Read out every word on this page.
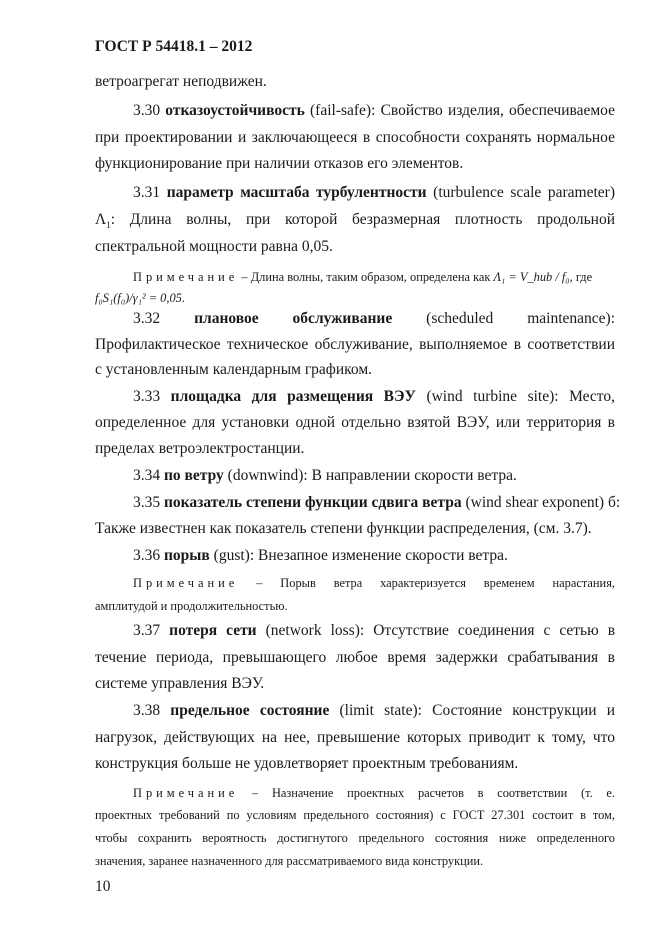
ГОСТ Р 54418.1 – 2012
ветроагрегат неподвижен.
3.30 отказоустойчивость (fail-safe): Свойство изделия, обеспечиваемое
при проектировании и заключающееся в способности сохранять нормальное
функционирование при наличии отказов его элементов.
3.31 параметр масштаба турбулентности (turbulence scale parameter)
$\Lambda_1$: Длина волны, при которой безразмерная плотность продольной
спектральной мощности равна 0,05.
Примечание – Длина волны, таким образом, определена как Λ₁ = V_hub / f₀, где
f₀S₁(f₀)/γ₁² = 0,05.
3.32 плановое обслуживание (scheduled maintenance):
Профилактическое техническое обслуживание, выполняемое в соответствии
с установленным календарным графиком.
3.33 площадка для размещения ВЭУ (wind turbine site): Место,
определенное для установки одной отдельно взятой ВЭУ, или территория в
пределах ветроэлектростанции.
3.34 по ветру (downwind): В направлении скорости ветра.
3.35 показатель степени функции сдвига ветра (wind shear exponent) б:
Также известнен как показатель степени функции распределения, (см. 3.7).
3.36 порыв (gust): Внезапное изменение скорости ветра.
Примечание – Порыв ветра характеризуется временем нарастания,
амплитудой и продолжительностью.
3.37 потеря сети (network loss): Отсутствие соединения с сетью в
течение периода, превышающего любое время задержки срабатывания в
системе управления ВЭУ.
3.38 предельное состояние (limit state): Состояние конструкции и
нагрузок, действующих на нее, превышение которых приводит к тому, что
конструкция больше не удовлетворяет проектным требованиям.
Примечание – Назначение проектных расчетов в соответствии (т. е.
проектных требований по условиям предельного состояния) с ГОСТ 27.301 состоит в том,
чтобы сохранить вероятность достигнутого предельного состояния ниже определенного
значения, заранее назначенного для рассматриваемого вида конструкции.
10
